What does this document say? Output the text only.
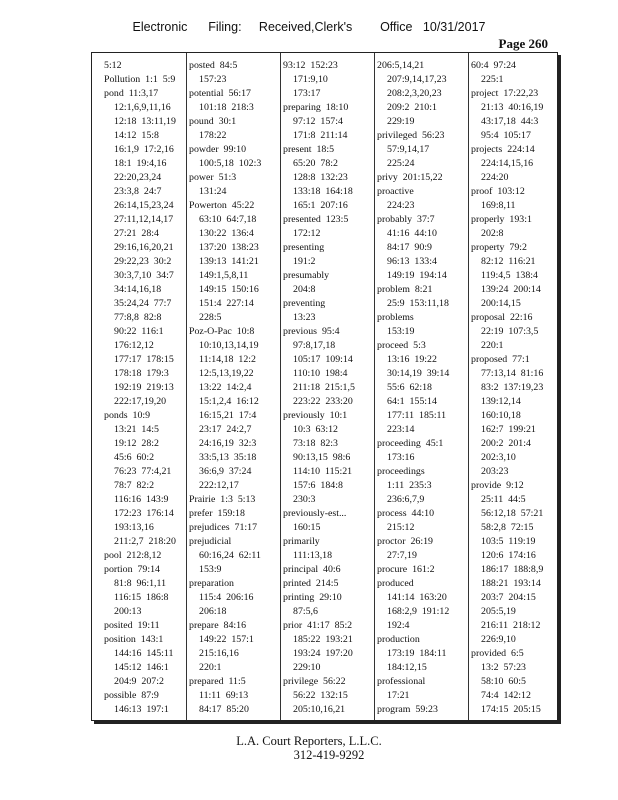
Electronic      Filing:     Received,Clerk's        Office   10/31/2017
Page 260
5:12
Pollution  1:1  5:9
pond  11:3,17
12:1,6,9,11,16
12:18  13:11,19
14:12  15:8
16:1,9  17:2,16
18:1  19:4,16
22:20,23,24
23:3,8  24:7
26:14,15,23,24
27:11,12,14,17
27:21  28:4
29:16,16,20,21
29:22,23  30:2
30:3,7,10  34:7
34:14,16,18
35:24,24  77:7
77:8,8  82:8
90:22  116:1
176:12,12
177:17  178:15
178:18  179:3
192:19  219:13
222:17,19,20
ponds  10:9
13:21  14:5
19:12  28:2
45:6  60:2
76:23  77:4,21
78:7  82:2
116:16  143:9
172:23  176:14
193:13,16
211:2,7  218:20
pool  212:8,12
portion  79:14
81:8  96:1,11
116:15  186:8
200:13
posited  19:11
position  143:1
144:16  145:11
145:12  146:1
204:9  207:2
possible  87:9
146:13  197:1
posted  84:5
157:23
potential  56:17
101:18  218:3
pound  30:1
178:22
powder  99:10
100:5,18  102:3
power  51:3
131:24
Powerton  45:22
63:10  64:7,18
130:22  136:4
137:20  138:23
139:13  141:21
149:1,5,8,11
149:15  150:16
151:4  227:14
228:5
Poz-O-Pac  10:8
10:10,13,14,19
11:14,18  12:2
12:5,13,19,22
13:22  14:2,4
15:1,2,4  16:12
16:15,21  17:4
23:17  24:2,7
24:16,19  32:3
33:5,13  35:18
36:6,9  37:24
222:12,17
Prairie  1:3  5:13
prefer  159:18
prejudices  71:17
prejudicial
60:16,24  62:11
153:9
preparation
115:4  206:16
206:18
prepare  84:16
149:22  157:1
215:16,16
220:1
prepared  11:5
11:11  69:13
84:17  85:20
93:12  152:23
171:9,10
173:17
preparing  18:10
97:12  157:4
171:8  211:14
present  18:5
65:20  78:2
128:8  132:23
133:18  164:18
165:1  207:16
presented  123:5
172:12
presenting
191:2
presumably
204:8
preventing
13:23
previous  95:4
97:8,17,18
105:17  109:14
110:10  198:4
211:18  215:1,5
223:22  233:20
previously  10:1
10:3  63:12
73:18  82:3
90:13,15  98:6
114:10  115:21
157:6  184:8
230:3
previously-est...
160:15
primarily
111:13,18
principal  40:6
printed  214:5
printing  29:10
87:5,6
prior  41:17  85:2
185:22  193:21
193:24  197:20
229:10
privilege  56:22
56:22  132:15
205:10,16,21
206:5,14,21
207:9,14,17,23
208:2,3,20,23
209:2  210:1
229:19
privileged  56:23
57:9,14,17
225:24
privy  201:15,22
proactive
224:23
probably  37:7
41:16  44:10
84:17  90:9
96:13  133:4
149:19  194:14
problem  8:21
25:9  153:11,18
problems
153:19
proceed  5:3
13:16  19:22
30:14,19  39:14
55:6  62:18
64:1  155:14
177:11  185:11
223:14
proceeding  45:1
173:16
proceedings
1:11  235:3
236:6,7,9
process  44:10
215:12
proctor  26:19
27:7,19
procure  161:2
produced
141:14  163:20
168:2,9  191:12
192:4
production
173:19  184:11
184:12,15
professional
17:21
program  59:23
60:4  97:24
225:1
project  17:22,23
21:13  40:16,19
43:17,18  44:3
95:4  105:17
projects  224:14
224:14,15,16
224:20
proof  103:12
169:8,11
properly  193:1
202:8
property  79:2
82:12  116:21
119:4,5  138:4
139:24  200:14
200:14,15
proposal  22:16
22:19  107:3,5
220:1
proposed  77:1
77:13,14  81:16
83:2  137:19,23
139:12,14
160:10,18
162:7  199:21
200:2  201:4
202:3,10
203:23
provide  9:12
25:11  44:5
56:12,18  57:21
58:2,8  72:15
103:5  119:19
120:6  174:16
186:17  188:8,9
188:21  193:14
203:7  204:15
205:5,19
216:11  218:12
226:9,10
provided  6:5
13:2  57:23
58:10  60:5
74:4  142:12
174:15  205:15
L.A. Court Reporters, L.L.C.
312-419-9292
